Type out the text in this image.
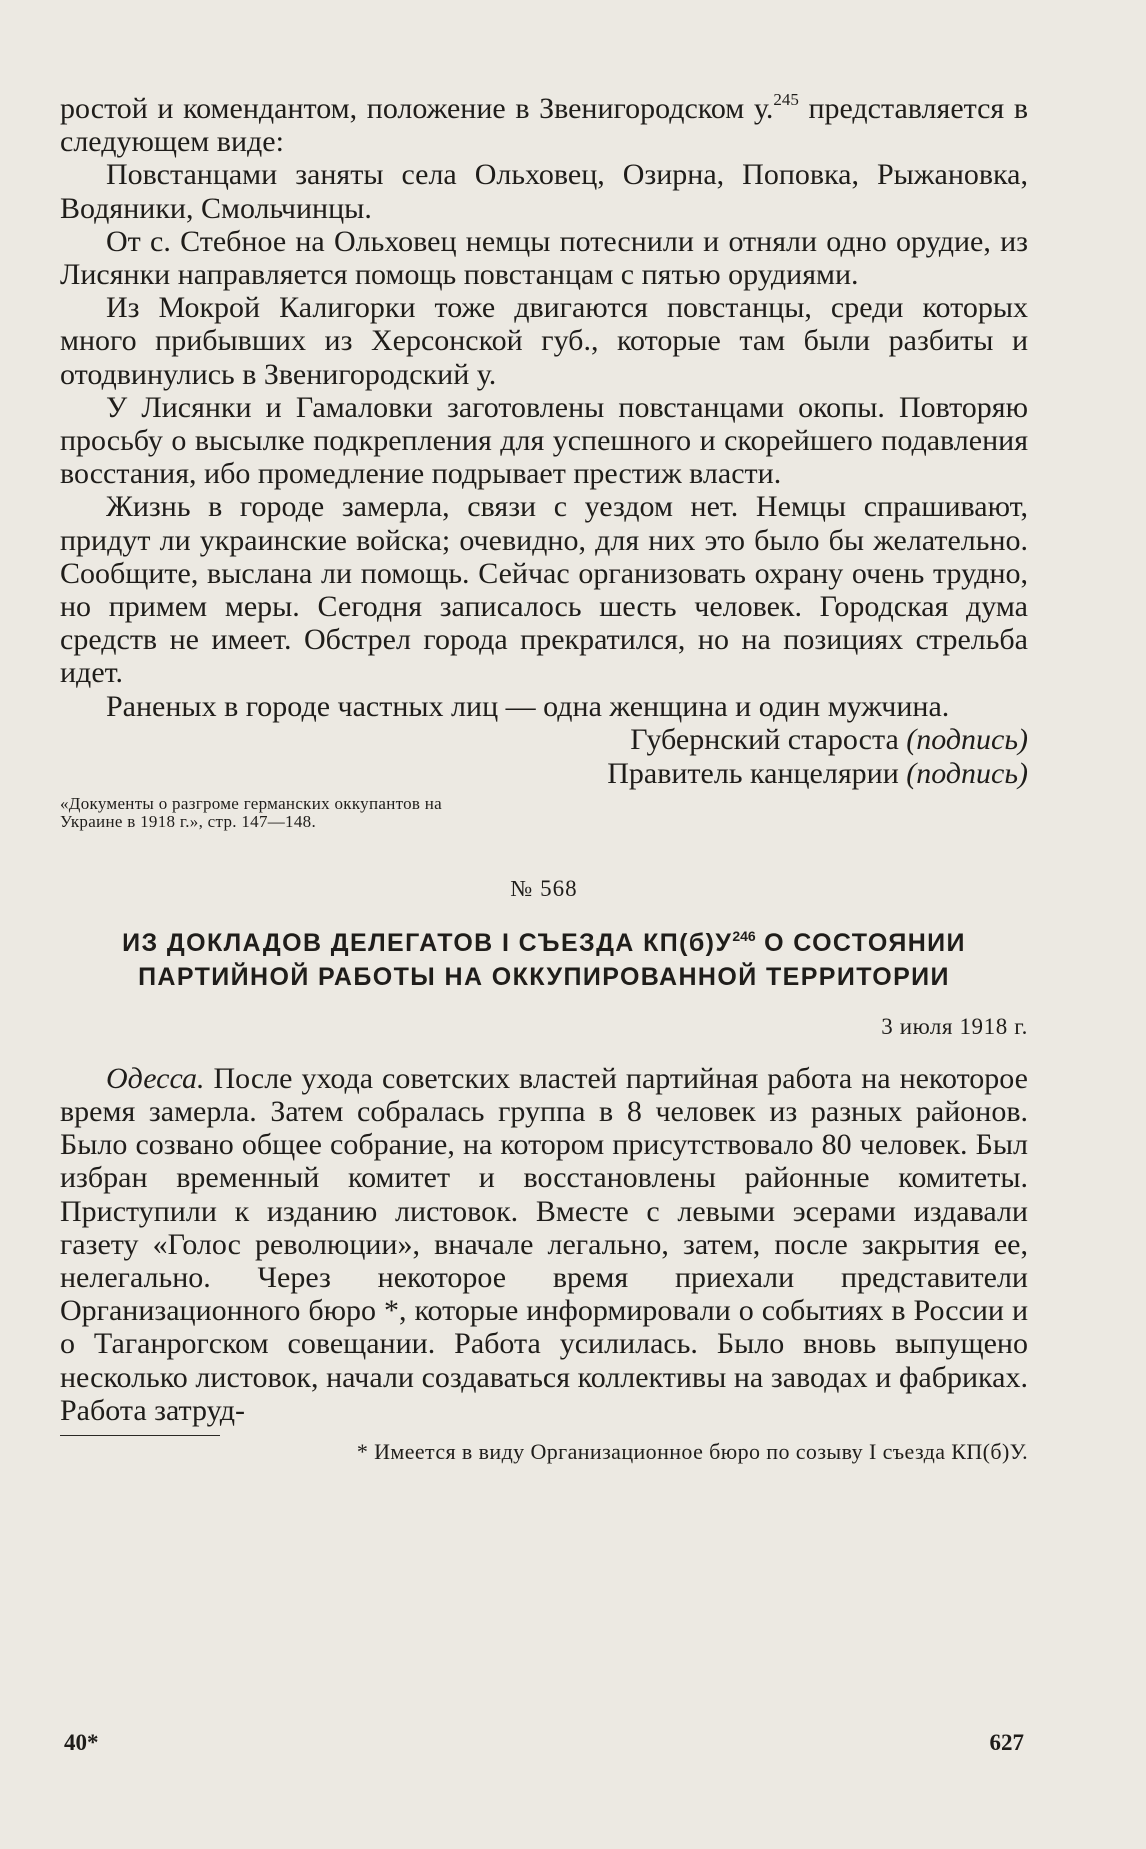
ростой и комендантом, положение в Звенигородском у.$^{245}$ представляется в следующем виде:

Повстанцами заняты села Ольховец, Озирна, Поповка, Рыжановка, Водяники, Смольчинцы.

От с. Стебное на Ольховец немцы потеснили и отняли одно орудие, из Лисянки направляется помощь повстанцам с пятью орудиями.

Из Мокрой Калигорки тоже двигаются повстанцы, среди которых много прибывших из Херсонской губ., которые там были разбиты и отодвинулись в Звенигородский у.

У Лисянки и Гамаловки заготовлены повстанцами окопы. Повторяю просьбу о высылке подкрепления для успешного и скорейшего подавления восстания, ибо промедление подрывает престиж власти.

Жизнь в городе замерла, связи с уездом нет. Немцы спрашивают, придут ли украинские войска; очевидно, для них это было бы желательно. Сообщите, выслана ли помощь. Сейчас организовать охрану очень трудно, но примем меры. Сегодня записалось шесть человек. Городская дума средств не имеет. Обстрел города прекратился, но на позициях стрельба идет.

Раненых в городе частных лиц — одна женщина и один мужчина.

Губернский староста (подпись)

Правитель канцелярии (подпись)

«Документы о разгроме германских оккупантов на Украине в 1918 г.», стр. 147—148.

№ 568

ИЗ ДОКЛАДОВ ДЕЛЕГАТОВ I СЪЕЗДА $КП(б)У^{246}$ О СОСТОЯНИИ ПАРТИЙНОЙ РАБОТЫ НА ОККУПИРОВАННОЙ ТЕРРИТОРИИ

3 июля 1918 г.

Одесса. После ухода советских властей партийная работа на некоторое время замерла. Затем собралась группа в 8 человек из разных районов. Было созвано общее собрание, на котором присутствовало 80 человек. Был избран временный комитет и восстановлены районные комитеты. Приступили к изданию листовок. Вместе с левыми эсерами издавали газету «Голос революции», вначале легально, затем, после закрытия ее, нелегально. Через некоторое время приехали представители Организационного бюро *, которые информировали о событиях в России и о Таганрогском совещании. Работа усилилась. Было вновь выпущено несколько листовок, начали создаваться коллективы на заводах и фабриках. Работа затруд-

* Имеется в виду Организационное бюро по созыву I съезда КП(б)У.

40*	627
